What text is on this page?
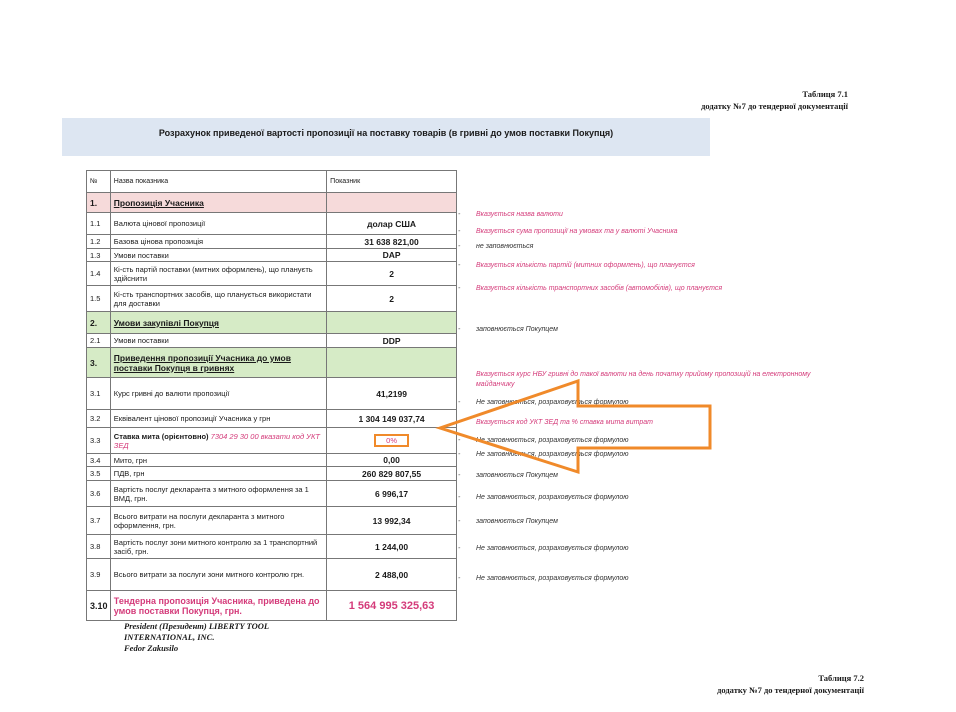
Таблиця 7.1
додатку №7 до тендерної документації
Розрахунок приведеної вартості пропозиції на поставку товарів (в гривні до умов поставки Покупця)
№	Назва показника	Показник
1.	Пропозиція Учасника	
1.1	Валюта цінової пропозиції	долар США
1.2	Базова цінова пропозиція	31 638 821,00
1.3	Умови поставки	DAP
1.4	Кі-сть партій поставки (митних оформлень), що плануєть здійснити	2
1.5	Кі-сть транспортних засобів, що планується використати для доставки	2
2.	Умови закупівлі Покупця	
2.1	Умови поставки	DDP
3.	Приведення пропозиції Учасника до умов поставки Покупця в гривнях	
3.1	Курс гривні до валюти пропозиції	41,2199
3.2	Еквівалент цінової пропозиції Учасника у грн	1 304 149 037,74
3.3	Ставка мита (орієнтовно) 7304 29 30 00 вказати код УКТ ЗЕД	0%
3.4	Мито, грн	0,00
3.5	ПДВ, грн	260 829 807,55
3.6	Вартість послуг декларанта з митного оформлення за 1 ВМД, грн.	6 996,17
3.7	Всього витрати на послуги декларанта з митного оформлення, грн.	13 992,34
3.8	Вартість послуг зони митного контролю за 1 транспортний засіб, грн.	1 244,00
3.9	Всього витрати за послуги зони митного контролю грн.	2 488,00
3.10	Тендерна пропозиція Учасника, приведена до умов поставки Покупця, грн.	1 564 995 325,63
- Вказується назва валюти
- Вказується сума пропозиції на умовах та у валюті Учасника
- не заповнюється
- Вказується кількість партій (митних оформлень), що плануєтся
- Вказується кількість транспортних засобів (автомобілів), що плануєтся
- заповнюється Покупцем
Вказується курс НБУ гривні до такої валюти на день початку прийому пропозицій на електронному майданчику
- Не заповнюється, розраховується формулою
- Вказується код УКТ ЗЕД та % ставка мита витрат
- Не заповнюється, розраховується формулою
- Не заповнюється, розраховується формулою
- заповнюється Покупцем
- Не заповнюється, розраховується формулою
- заповнюється Покупцем
- Не заповнюється, розраховується формулою
- Не заповнюється, розраховується формулою
President (Президент) LIBERTY TOOL
INTERNATIONAL, INC.
Fedor Zakusilo
Таблиця 7.2
додатку №7 до тендерної документації
